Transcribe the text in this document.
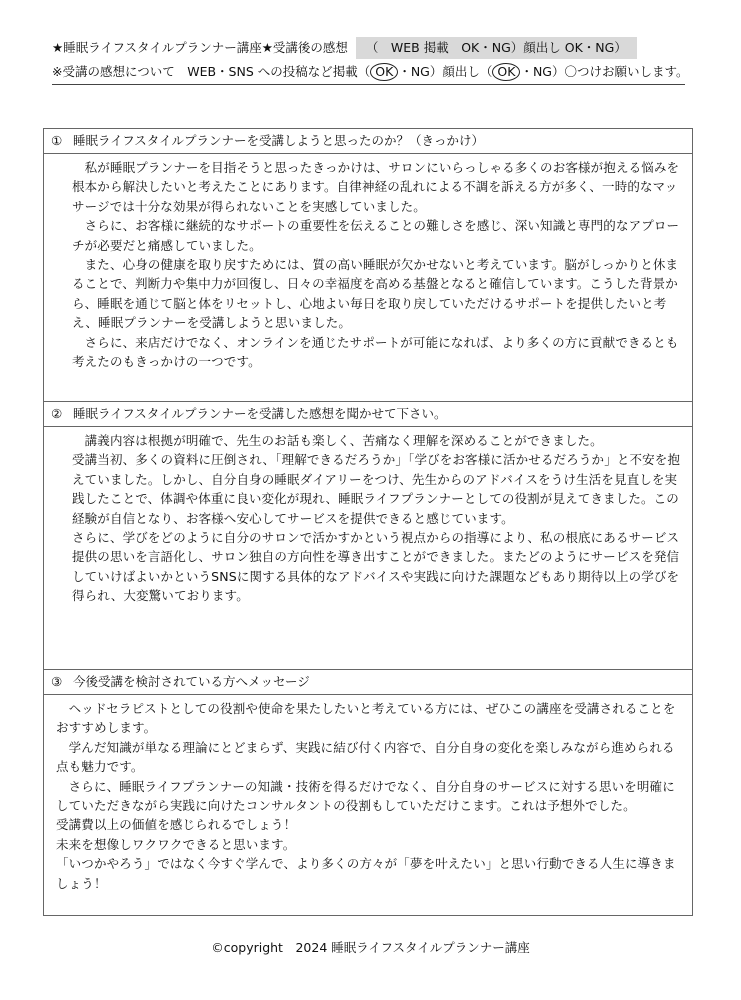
★睡眠ライフスタイルプランナー講座★受講後の感想 （　WEB 掲載　OK・NG）顔出し OK・NG）
※受講の感想について　WEB・SNS への投稿など掲載（ OK ・NG）顔出し（ OK ・NG）〇つけお願いします。
① 睡眠ライフスタイルプランナーを受講しようと思ったのか？（きっかけ）

　私が睡眠プランナーを目指そうと思ったきっかけは、サロンにいらっしゃる多くのお客様が抱える悩みを根本から解決したいと考えたことにあります。自律神経の乱れによる不調を訴える方が多く、一時的なマッサージでは十分な効果が得られないことを実感していました。

　さらに、お客様に継続的なサポートの重要性を伝えることの難しさを感じ、深い知識と専門的なアプローチが必要だと痛感していました。

　また、心身の健康を取り戻すためには、質の高い睡眠が欠かせないと考えています。脳がしっかりと休まることで、判断力や集中力が回復し、日々の幸福度を高める基盤となると確信しています。こうした背景から、睡眠を通じて脳と体をリセットし、心地よい毎日を取り戻していただけるサポートを提供したいと考え、睡眠プランナーを受講しようと思いました。

　さらに、来店だけでなく、オンラインを通じたサポートが可能になれば、より多くの方に貢献できるとも考えたのもきっかけの一つです。

② 睡眠ライフスタイルプランナーを受講した感想を聞かせて下さい。

　講義内容は根拠が明確で、先生のお話も楽しく、苦痛なく理解を深めることができました。

受講当初、多くの資料に圧倒され、「理解できるだろうか」「学びをお客様に活かせるだろうか」と不安を抱えていました。しかし、自分自身の睡眠ダイアリーをつけ、先生からのアドバイスをうけ生活を見直しを実践したことで、体調や体重に良い変化が現れ、睡眠ライフプランナーとしての役割が見えてきました。この経験が自信となり、お客様へ安心してサービスを提供できると感じています。

さらに、学びをどのように自分のサロンで活かすかという視点からの指導により、私の根底にあるサービス提供の思いを言語化し、サロン独自の方向性を導き出すことができました。またどのようにサービスを発信していけばよいかというSNSに関する具体的なアドバイスや実践に向けた課題などもあり期待以上の学びを得られ、大変驚いております。

③ 今後受講を検討されている方へメッセージ

　ヘッドセラピストとしての役割や使命を果たしたいと考えている方には、ぜひこの講座を受講されることをおすすめします。

　学んだ知識が単なる理論にとどまらず、実践に結び付く内容で、自分自身の変化を楽しみながら進められる点も魅力です。

　さらに、睡眠ライフプランナーの知識・技術を得るだけでなく、自分自身のサービスに対する思いを明確にしていただきながら実践に向けたコンサルタントの役割もしていただけこます。これは予想外でした。

受講費以上の価値を感じられるでしょう！

未来を想像しワクワクできると思います。

「いつかやろう」ではなく今すぐ学んで、より多くの方々が「夢を叶えたい」と思い行動できる人生に導きましょう！

©copyright　2024 睡眠ライフスタイルプランナー講座
